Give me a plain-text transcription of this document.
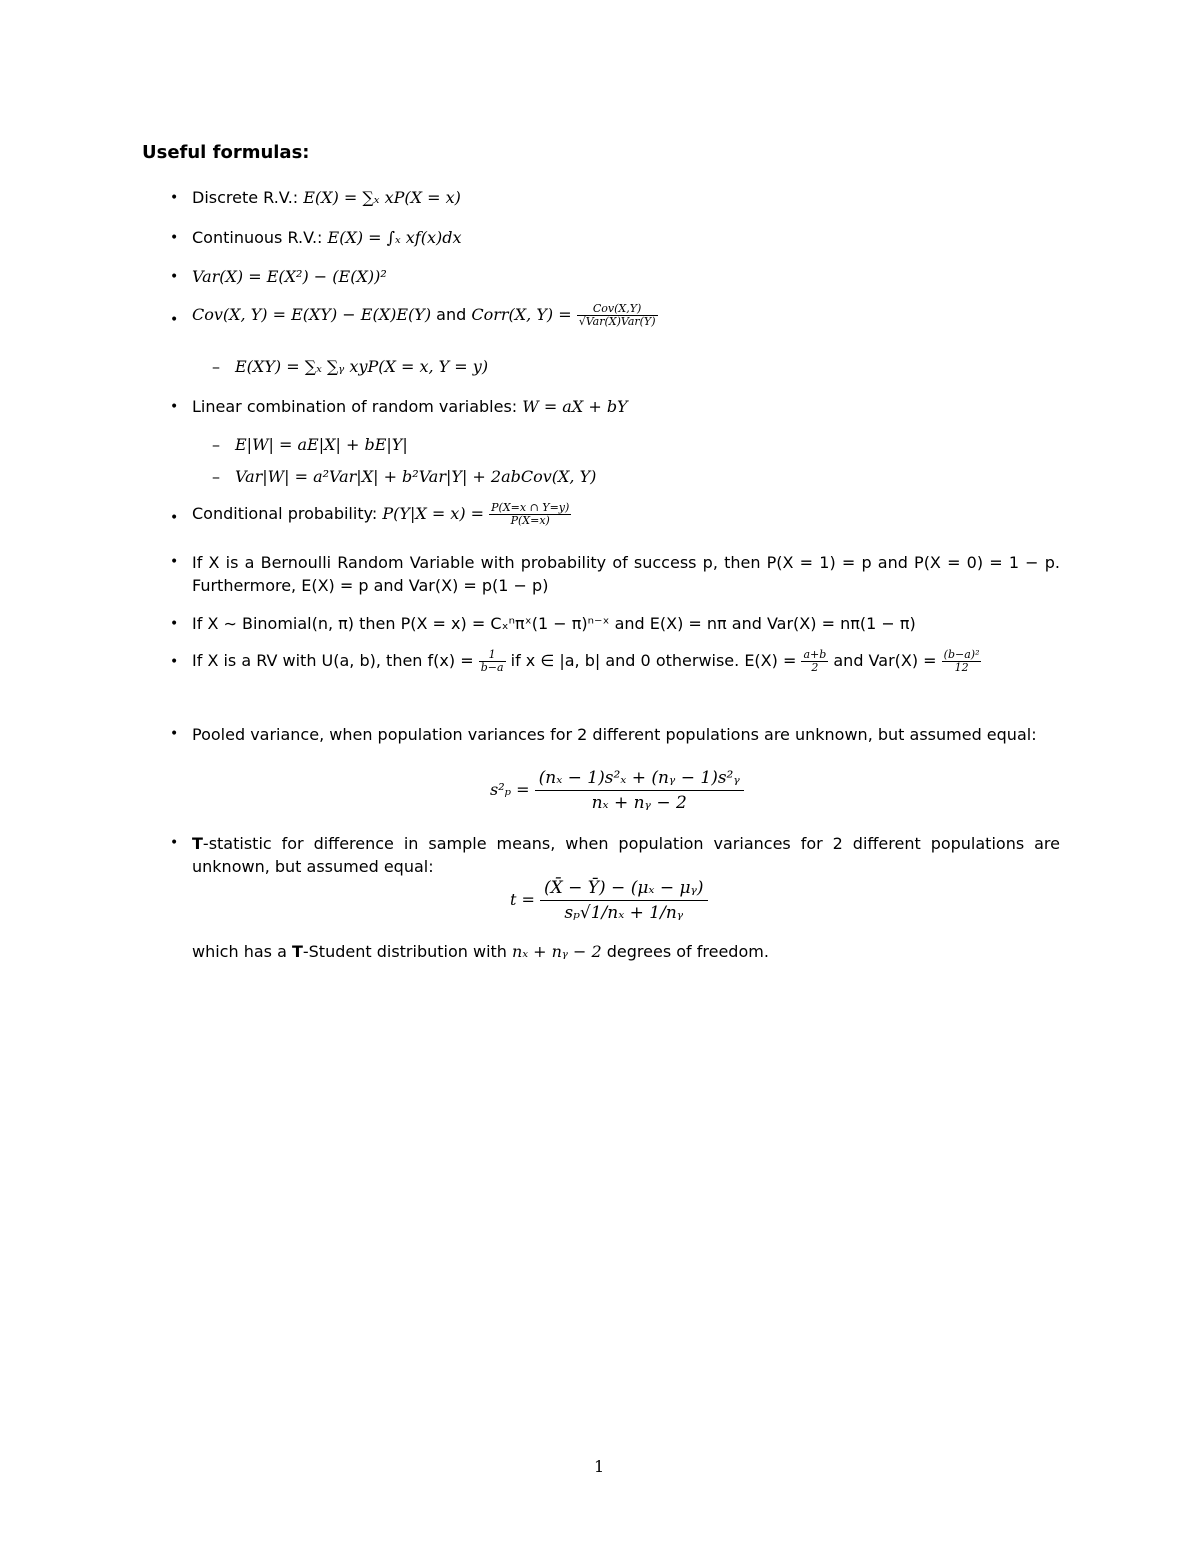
Useful formulas:
• Discrete R.V.: E(X) = ∑ₓ xP(X = x)
• Continuous R.V.: E(X) = ∫ₓ xf(x)dx
• Var(X) = E(X²) − (E(X))²
• Cov(X, Y) = E(XY) − E(X)E(Y) and Corr(X, $Y) = \frac{\text{Cov(X,Y)}}{\text{√Var(X)Var(Y)}}$
– E(XY) = ∑ₓ ∑ᵧ xyP(X = x, Y = y)
• Linear combination of random variables: W = aX + bY
– E|W| = aE|X| + bE|Y|
– Var|W| = a²Var|X| + b²Var|Y| + 2abCov(X, Y)
• Conditional probability: $P(Y|X = x) = \frac{P(X=x \cap Y=y)}{P(X=x)}$
• If X is a Bernoulli Random Variable with probability of success p, then P(X = 1) = p and P(X = 0) = 1 − p. Furthermore, E(X) = p and Var(X) = p(1 − p)
• If X ∼ Binomial(n, π) then P(X = x) = Cₓⁿπˣ(1 − π)ⁿ⁻ˣ and E(X) = nπ and Var(X) = nπ(1 − π)
• If X is a RV with U(a, b), then $f(x) = \frac{1}{b-a}$ if x ∈ |a, b| and 0 otherwise. $E(X) = \frac{a+b}{2}$ and $Var(X) = \frac{\text{(b−a)²}}{12}$
• Pooled variance, when population variances for 2 different populations are unknown, but assumed equal:
$s^2_p = \frac{\text{(nₓ − 1)s²ₓ + (nᵧ − 1)s²ᵧ}}{\text{nₓ + nᵧ − 2}}$
• T-statistic for difference in sample means, when population variances for 2 different populations are unknown, but assumed equal:
$t = \frac{\text{(X̄ − Ȳ) − (μₓ − μᵧ)}}{\text{sₚ√1/nₓ + 1/nᵧ}}$
which has a T-Student distribution with nₓ + nᵧ − 2 degrees of freedom.
1
